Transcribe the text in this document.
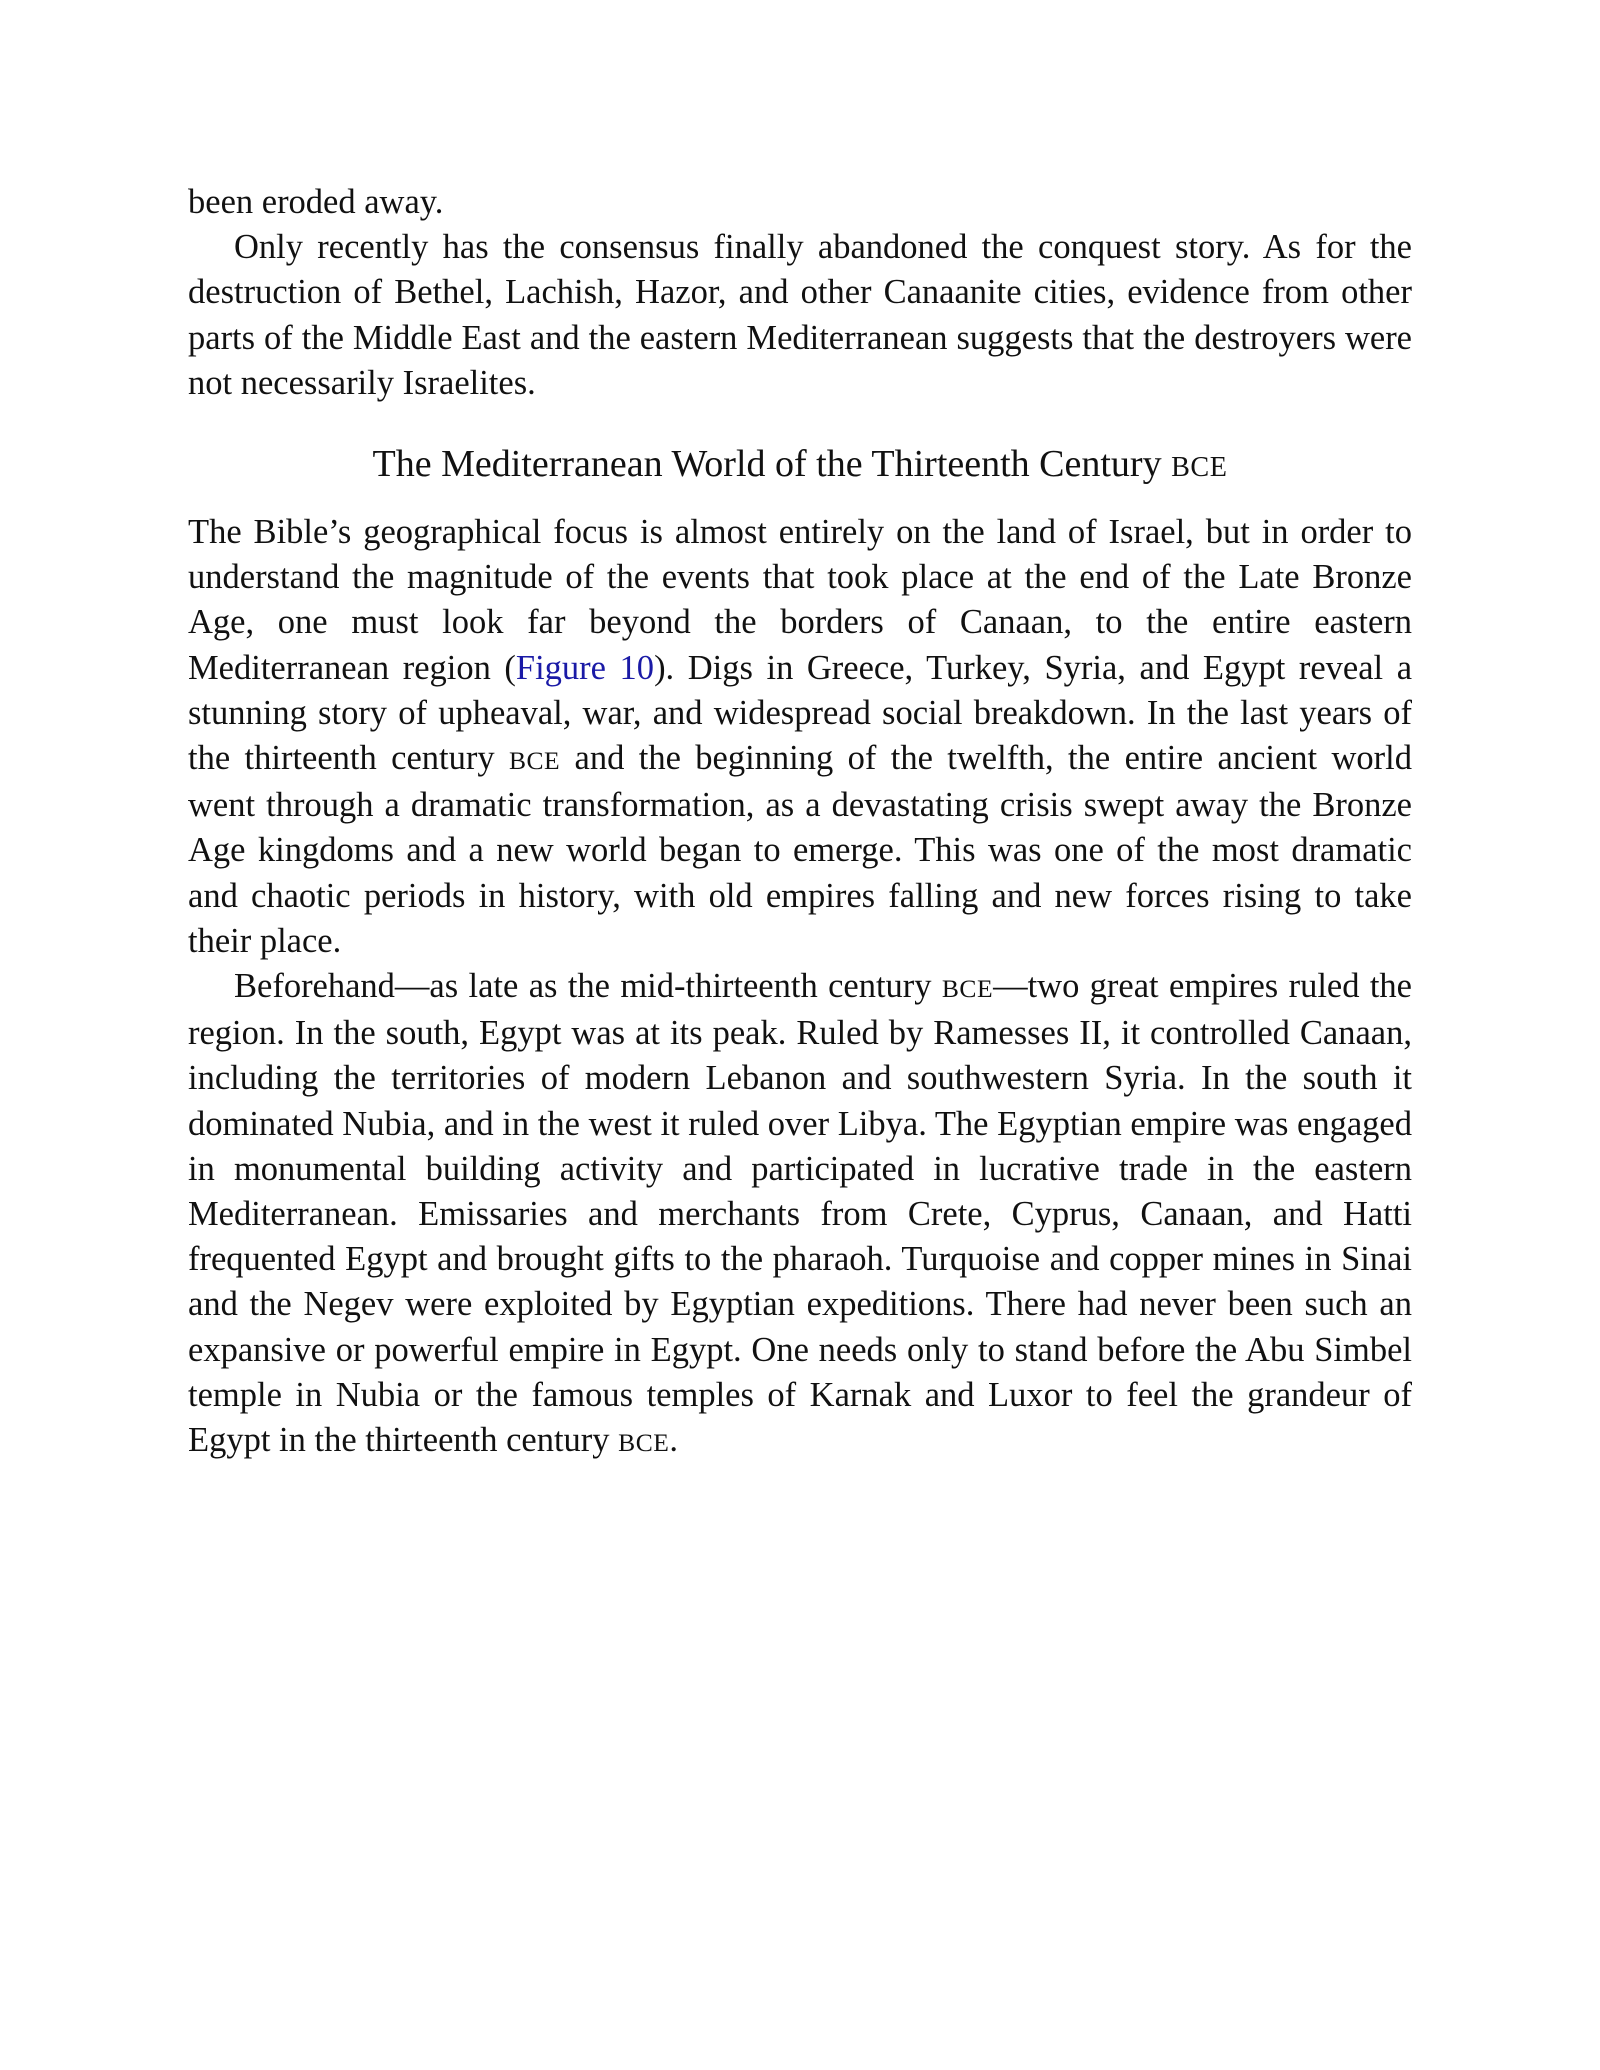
been eroded away.

Only recently has the consensus finally abandoned the conquest story. As for the destruction of Bethel, Lachish, Hazor, and other Canaanite cities, evidence from other parts of the Middle East and the eastern Mediterranean suggests that the destroyers were not necessarily Israelites.

The Mediterranean World of the Thirteenth Century BCE

The Bible’s geographical focus is almost entirely on the land of Israel, but in order to understand the magnitude of the events that took place at the end of the Late Bronze Age, one must look far beyond the borders of Canaan, to the entire eastern Mediterranean region (Figure 10). Digs in Greece, Turkey, Syria, and Egypt reveal a stunning story of upheaval, war, and widespread social breakdown. In the last years of the thirteenth century BCE and the beginning of the twelfth, the entire ancient world went through a dramatic transformation, as a devastating crisis swept away the Bronze Age kingdoms and a new world began to emerge. This was one of the most dramatic and chaotic periods in history, with old empires falling and new forces rising to take their place.

Beforehand—as late as the mid-thirteenth century BCE—two great empires ruled the region. In the south, Egypt was at its peak. Ruled by Ramesses II, it controlled Canaan, including the territories of modern Lebanon and southwestern Syria. In the south it dominated Nubia, and in the west it ruled over Libya. The Egyptian empire was engaged in monumental building activity and participated in lucrative trade in the eastern Mediterranean. Emissaries and merchants from Crete, Cyprus, Canaan, and Hatti frequented Egypt and brought gifts to the pharaoh. Turquoise and copper mines in Sinai and the Negev were exploited by Egyptian expeditions. There had never been such an expansive or powerful empire in Egypt. One needs only to stand before the Abu Simbel temple in Nubia or the famous temples of Karnak and Luxor to feel the grandeur of Egypt in the thirteenth century BCE.
